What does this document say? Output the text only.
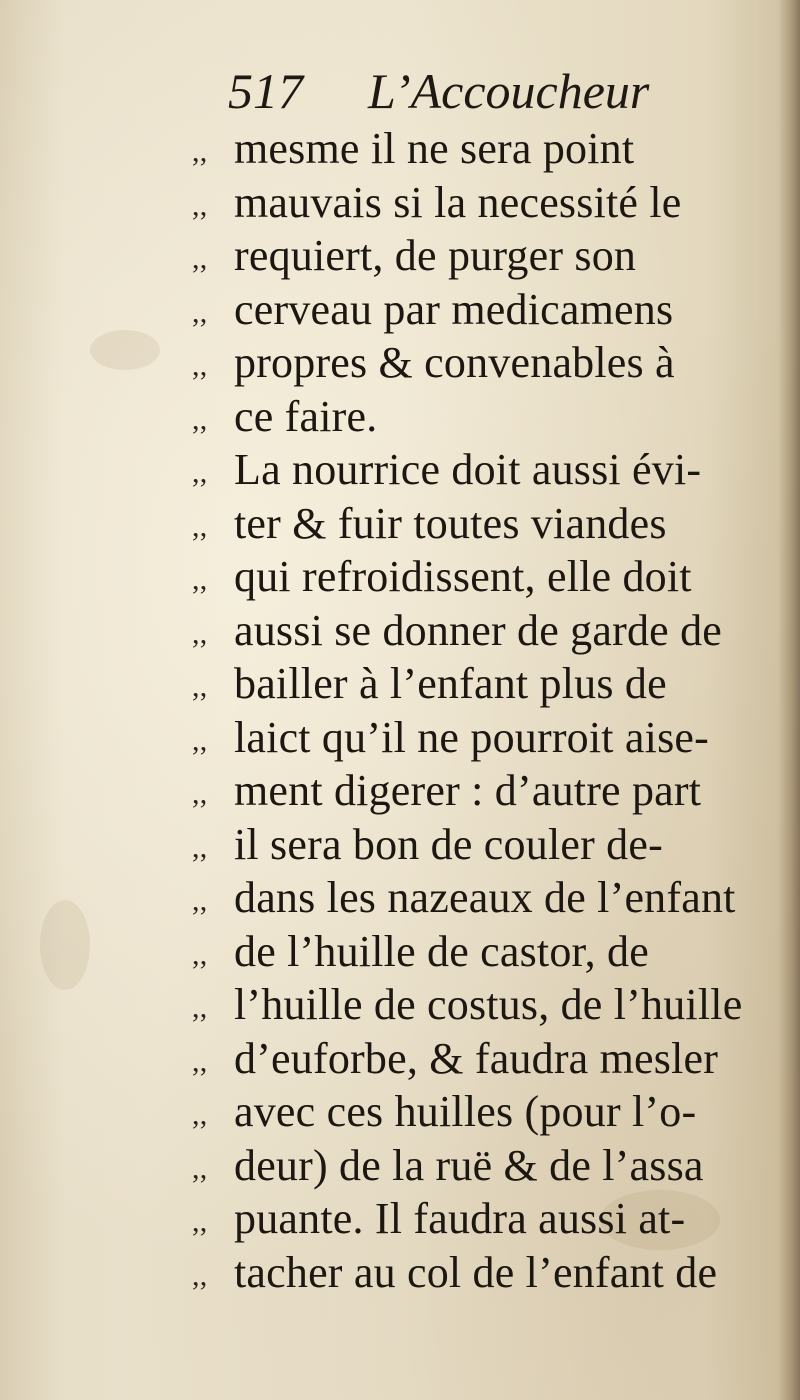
517 L’Accoucheur
,, mesme il ne sera point
,, mauvais si la necessité le
,, requiert, de purger son
,, cerveau par medicamens
,, propres & convenables à
,, ce faire.
,, La nourrice doit aussi évi-
,, ter & fuir toutes viandes
,, qui refroidissent, elle doit
,, aussi se donner de garde de
,, bailler à l’enfant plus de
,, laict qu’il ne pourroit aise-
,, ment digerer : d’autre part
,, il sera bon de couler de-
,, dans les nazeaux de l’enfant
,, de l’huille de castor, de
,, l’huille de costus, de l’huille
,, d’euforbe, & faudra mesler
,, avec ces huilles (pour l’o-
,, deur) de la ruë & de l’assa
,, puante. Il faudra aussi at-
,, tacher au col de l’enfant de
